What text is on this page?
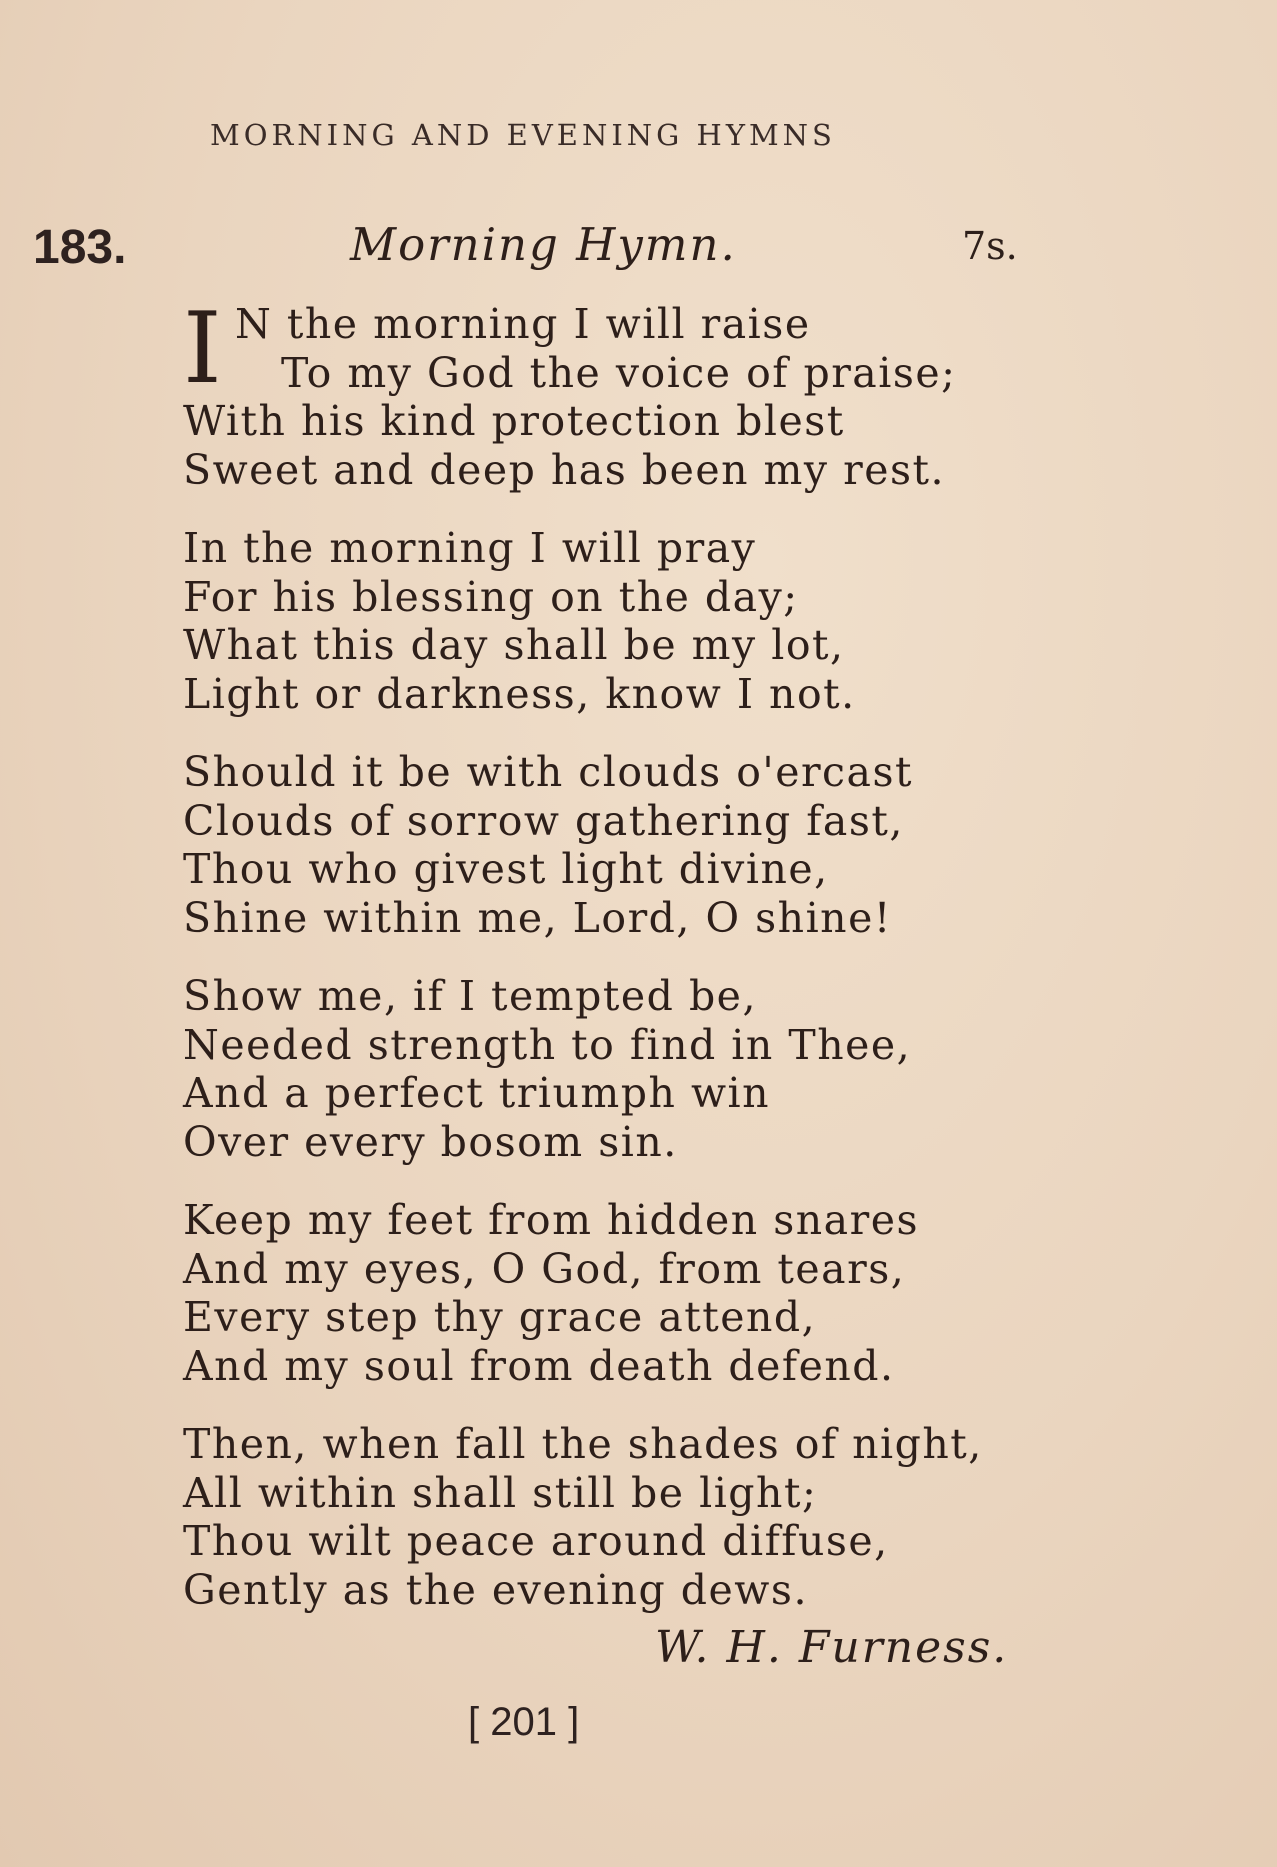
MORNING AND EVENING HYMNS
183.	Morning Hymn.	7s.
I N the morning I will raise
To my God the voice of praise;
With his kind protection blest
Sweet and deep has been my rest.
In the morning I will pray
For his blessing on the day;
What this day shall be my lot,
Light or darkness, know I not.
Should it be with clouds o'ercast
Clouds of sorrow gathering fast,
Thou who givest light divine,
Shine within me, Lord, O shine!
Show me, if I tempted be,
Needed strength to find in Thee,
And a perfect triumph win
Over every bosom sin.
Keep my feet from hidden snares
And my eyes, O God, from tears,
Every step thy grace attend,
And my soul from death defend.
Then, when fall the shades of night,
All within shall still be light;
Thou wilt peace around diffuse,
Gently as the evening dews.
W. H. Furness.
[ 201 ]
